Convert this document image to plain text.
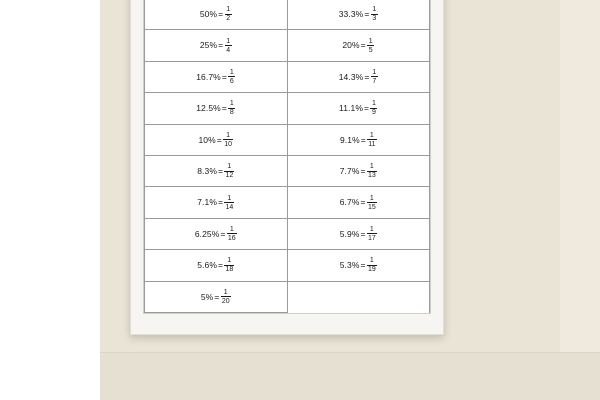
$50\% = \frac{1}{2}$	$33.3\% = \frac{1}{3}$

$25\% = \frac{1}{4}$	$20\% = \frac{1}{5}$

$16.7\% = \frac{1}{6}$	$14.3\% = \frac{1}{7}$

$12.5\% = \frac{1}{8}$	$11.1\% = \frac{1}{9}$

$10\% = \frac{1}{10}$	$9.1\% = \frac{1}{11}$

$8.3\% = \frac{1}{12}$	$7.7\% = \frac{1}{13}$

$7.1\% = \frac{1}{14}$	$6.7\% = \frac{1}{15}$

$6.25\% = \frac{1}{16}$	$5.9\% = \frac{1}{17}$

$5.6\% = \frac{1}{18}$	$5.3\% = \frac{1}{19}$

$5\% = \frac{1}{20}$
